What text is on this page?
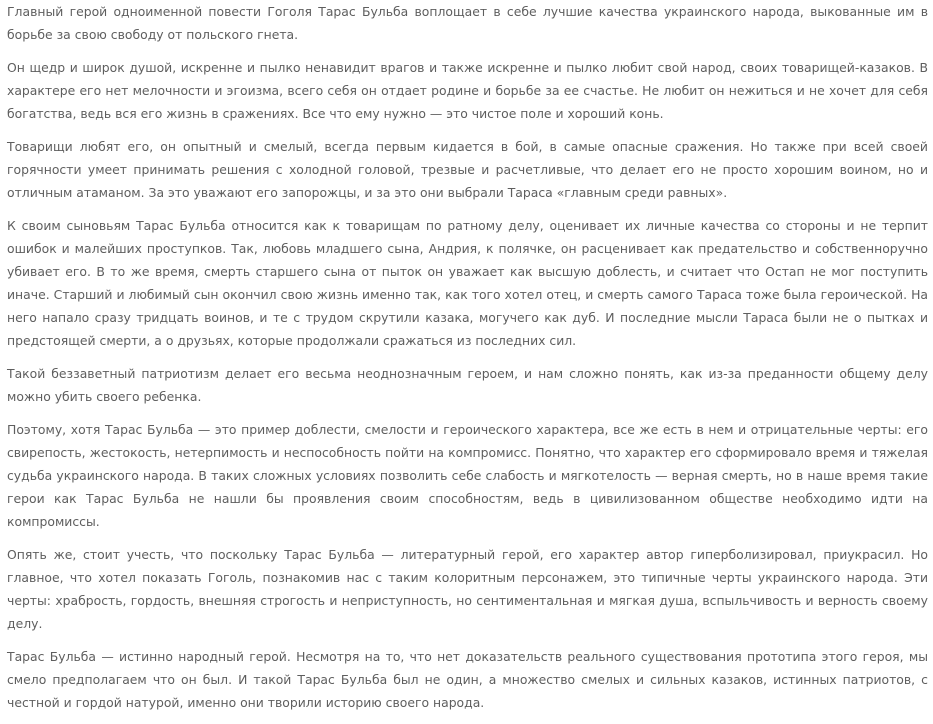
Главный герой одноименной повести Гоголя Тарас Бульба воплощает в себе лучшие качества украинского народа, выкованные им в борьбе за свою свободу от польского гнета.

Он щедр и широк душой, искренне и пылко ненавидит врагов и также искренне и пылко любит свой народ, своих товарищей-казаков. В характере его нет мелочности и эгоизма, всего себя он отдает родине и борьбе за ее счастье. Не любит он нежиться и не хочет для себя богатства, ведь вся его жизнь в сражениях. Все что ему нужно — это чистое поле и хороший конь.

Товарищи любят его, он опытный и смелый, всегда первым кидается в бой, в самые опасные сражения. Но также при всей своей горячности умеет принимать решения с холодной головой, трезвые и расчетливые, что делает его не просто хорошим воином, но и отличным атаманом. За это уважают его запорожцы, и за это они выбрали Тараса «главным среди равных».

К своим сыновьям Тарас Бульба относится как к товарищам по ратному делу, оценивает их личные качества со стороны и не терпит ошибок и малейших проступков. Так, любовь младшего сына, Андрия, к полячке, он расценивает как предательство и собственноручно убивает его. В то же время, смерть старшего сына от пыток он уважает как высшую доблесть, и считает что Остап не мог поступить иначе. Старший и любимый сын окончил свою жизнь именно так, как того хотел отец, и смерть самого Тараса тоже была героической. На него напало сразу тридцать воинов, и те с трудом скрутили казака, могучего как дуб. И последние мысли Тараса были не о пытках и предстоящей смерти, а о друзьях, которые продолжали сражаться из последних сил.

Такой беззаветный патриотизм делает его весьма неоднозначным героем, и нам сложно понять, как из-за преданности общему делу можно убить своего ребенка.

Поэтому, хотя Тарас Бульба — это пример доблести, смелости и героического характера, все же есть в нем и отрицательные черты: его свирепость, жестокость, нетерпимость и неспособность пойти на компромисс. Понятно, что характер его сформировало время и тяжелая судьба украинского народа. В таких сложных условиях позволить себе слабость и мягкотелость — верная смерть, но в наше время такие герои как Тарас Бульба не нашли бы проявления своим способностям, ведь в цивилизованном обществе необходимо идти на компромиссы.

Опять же, стоит учесть, что поскольку Тарас Бульба — литературный герой, его характер автор гиперболизировал, приукрасил. Но главное, что хотел показать Гоголь, познакомив нас с таким колоритным персонажем, это типичные черты украинского народа. Эти черты: храбрость, гордость, внешняя строгость и неприступность, но сентиментальная и мягкая душа, вспыльчивость и верность своему делу.

Тарас Бульба — истинно народный герой. Несмотря на то, что нет доказательств реального существования прототипа этого героя, мы смело предполагаем что он был. И такой Тарас Бульба был не один, а множество смелых и сильных казаков, истинных патриотов, с честной и гордой натурой, именно они творили историю своего народа.
